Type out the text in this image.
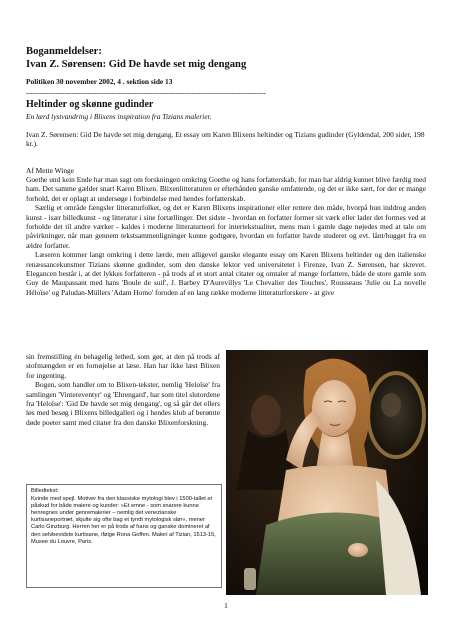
Boganmeldelser:
Ivan Z. Sørensen: Gid De havde set mig dengang
Politiken 30 november 2002, 4 . sektion side 13
----------------------------------------------------------------------------------------------------------
Heltinder og skønne gudinder
En lærd lystvandring i Blixens inspiration fra Tizians malerier.
Ivan Z. Sørensen: Gid De havde set mig dengang. Et essay om Karen Blixens heltinder og Tizians gudinder (Gyldendal, 200 sider, 198 kr.).
Af Mette Winge

Goethe und kein Ende har man sagt om forskningen omkring Goethe og hans forfatterskab, for man har aldrig kunnet blive færdig med ham. Det samme gælder snart Karen Blixen. Blixenlitteraturen er efterhånden ganske omfattende, og det er ikke sært, for der er mange forhold, det er oplagt at undersøge i forbindelse med hendes forfatterskab.

Særlig et område fængsler litteraturfolket, og det er Karen Blixens inspirationer eller rettere den måde, hvorpå hun inddrog anden kunst - især billedkunst - og litteratur i sine fortællinger. Det sidste - hvordan en forfatter former sit værk eller lader det formes ved at forholde det til andre værker - kaldes i moderne litteraturteori for intertekstualitet, mens man i gamle dage nøjedes med at tale om påvirkninger, når man gennem tekstsammenligninger kunne godtgøre, hvordan en forfatter havde studeret og evt. lånt/hugget fra en ældre forfatter.

Læseren kommer langt omkring i dette lærde, men alligevel ganske elegante essay om Karen Blixens heltinder og den italienske renæssancekunstner Tizians skønne gudinder, som den danske lektor ved universitetet i Firenze, Ivan Z. Sørensen, har skrevet. Elegancen består i, at det lykkes forfatteren - på trods af et stort antal citater og omtaler af mange forfattere, både de store gamle som Guy de Maupassant med hans 'Boule de suif', J. Barbey D'Aurevillys 'Le Chevalier des Touches', Rousseaus 'Julie ou La novelle Héloïse' og Paludan-Müllers 'Adam Homo' foruden af en lang række moderne litteraturforskere - at give

sin fremstilling én behagelig lethed, som gør, at den på trods af stofmængden er en fornøjelse at læse. Han har ikke læst Blixen for ingenting.

Bogen, som handler om to Blixen-tekster, nemlig 'Heloïse' fra samlingen 'Vintereventyr' og 'Ehrengard', har som titel slutordene fra 'Heloïse': 'Gid De havde set mig dengang', og så går det ellers løs med besøg i Blixens billedgalleri og i hendes klub af berømte døde poeter samt med citater fra den danske Blixenforskning.

Billedtekst:
Kvinde med spejl. Motiver fra den klassiske mytologi blev i 1500-tallet et påskud for både malere og kunder: »Et emne - som snarere kunne henregnes under genremalerier – nemlig det venezianske kurtisaneportræt, skjulte sig ofte bag et tyndt mytologisk slør«, mener Carlo Ginzburg. Herren her er på trods af hans og ganske domineret af den selvbevidste kurtisane, ifølge Rona Goffen. Maleri af Tizian, 1513-15, Musee du Louvre, Paris.
1
